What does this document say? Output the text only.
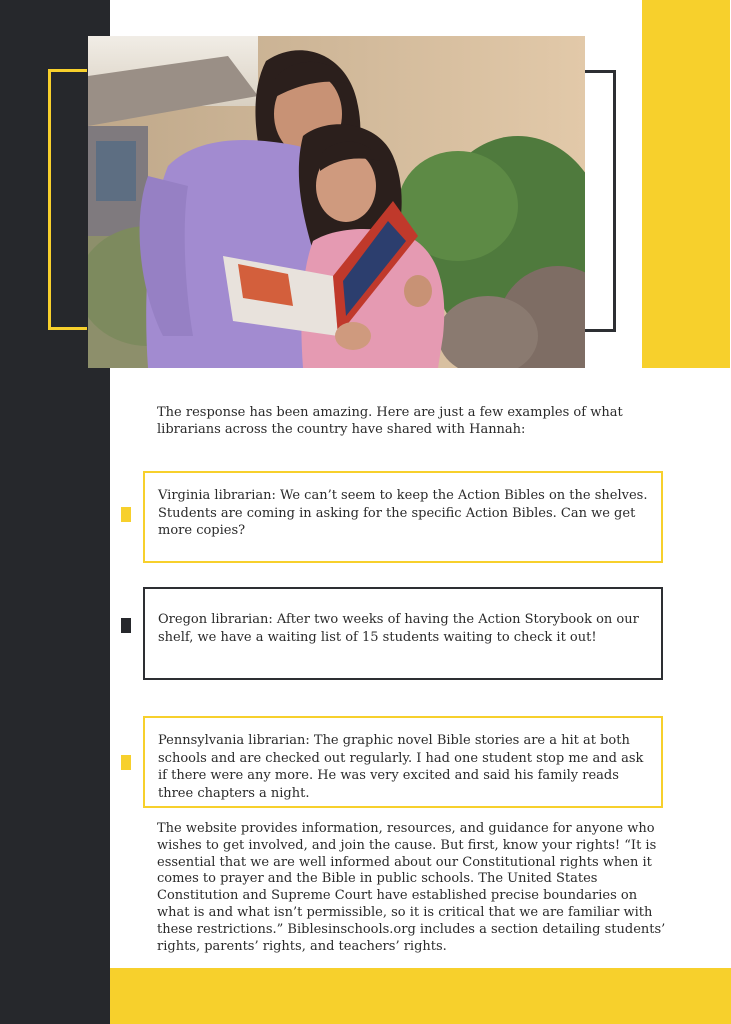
The response has been amazing. Here are just a few examples of what librarians across the country have shared with Hannah:

Virginia librarian: We can’t seem to keep the Action Bibles on the shelves. Students are coming in asking for the specific Action Bibles. Can we get more copies?

Oregon librarian: After two weeks of having the Action Storybook on our shelf, we have a waiting list of 15 students waiting to check it out!

Pennsylvania librarian: The graphic novel Bible stories are a hit at both schools and are checked out regularly. I had one student stop me and ask if there were any more. He was very excited and said his family reads three chapters a night.

The website provides information, resources, and guidance for anyone who wishes to get involved, and join the cause. But first, know your rights! “It is essential that we are well informed about our Constitutional rights when it comes to prayer and the Bible in public schools. The United States Constitution and Supreme Court have established precise boundaries on what is and what isn’t permissible, so it is critical that we are familiar with these restrictions.” Biblesinschools.org includes a section detailing students’ rights, parents’ rights, and teachers’ rights.
